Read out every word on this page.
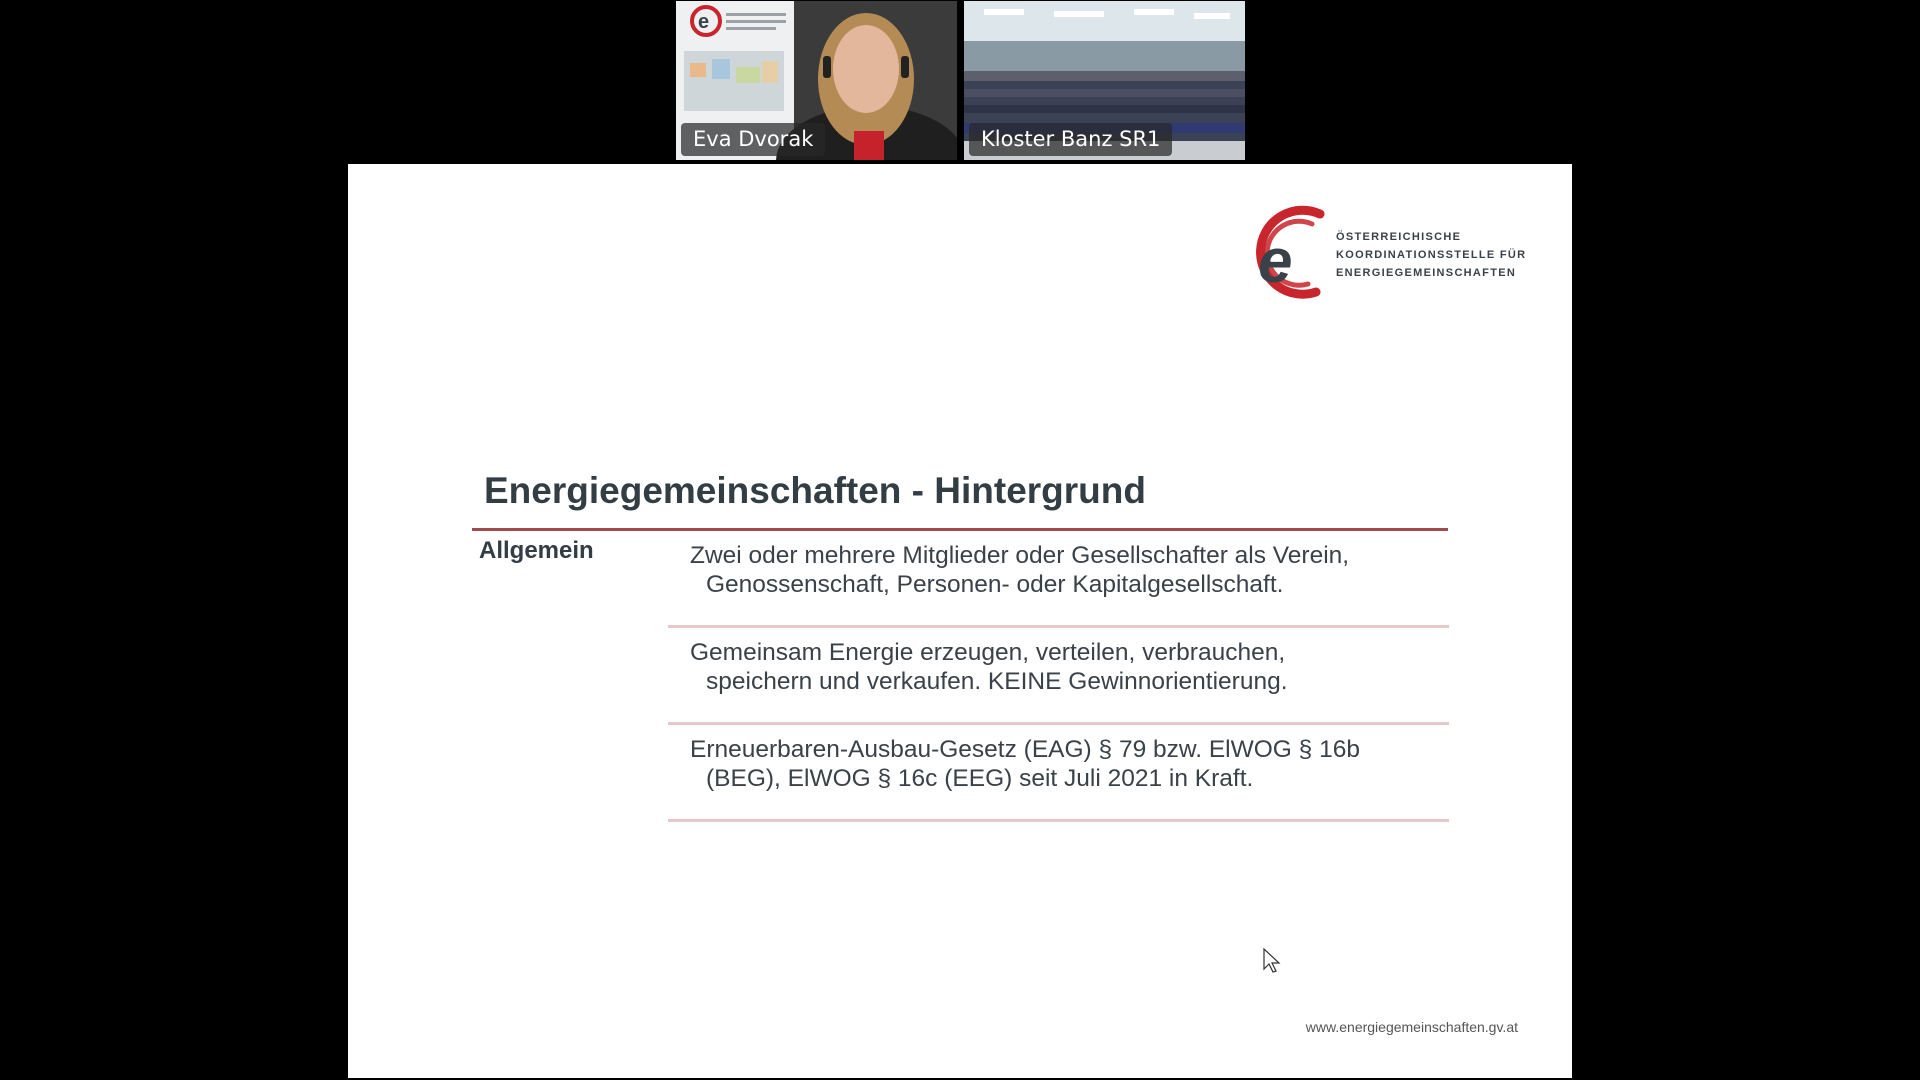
e
Eva Dvorak	Kloster Banz SR1
e	ÖSTERREICHISCHE
KOORDINATIONSSTELLE FÜR
ENERGIEGEMEINSCHAFTEN
Energiegemeinschaften - Hintergrund
Allgemein	Zwei oder mehrere Mitglieder oder Gesellschafter als Verein,
Genossenschaft, Personen- oder Kapitalgesellschaft.
Gemeinsam Energie erzeugen, verteilen, verbrauchen,
speichern und verkaufen. KEINE Gewinnorientierung.
Erneuerbaren-Ausbau-Gesetz (EAG) § 79 bzw. ElWOG § 16b
(BEG), ElWOG § 16c (EEG) seit Juli 2021 in Kraft.
www.energiegemeinschaften.gv.at
